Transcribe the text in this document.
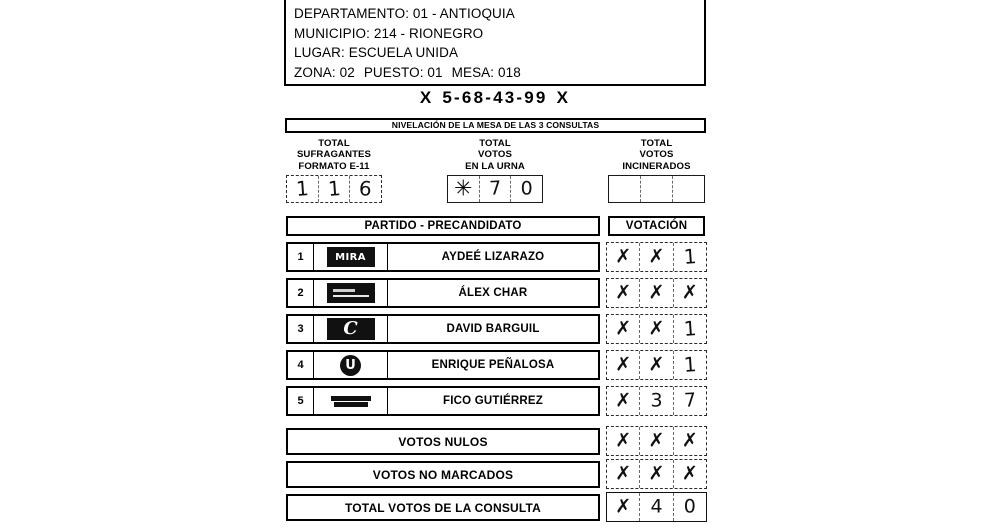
DEPARTAMENTO: 01 - ANTIOQUIA
MUNICIPIO: 214 - RIONEGRO
LUGAR: ESCUELA UNIDA
ZONA: 02 PUESTO: 01 MESA: 018
X 5-68-43-99 X
NIVELACIÓN DE LA MESA DE LAS 3 CONSULTAS
TOTAL
SUFRAGANTES
FORMATO E-11
1 1 6
TOTAL
VOTOS
EN LA URNA
✳ 7	0
TOTAL
VOTOS
INCINERADOS
PARTIDO - PRECANDIDATO	VOTACIÓN
1	MIRA	AYDEÉ LIZARAZO	✗ ✗ 1
2	ÁLEX CHAR	✗ ✗ ✗
3	C	DAVID BARGUIL	✗ ✗ 1
4	U	ENRIQUE PEÑALOSA	✗ ✗ 1
5	FICO GUTIÉRREZ	✗	3	7
VOTOS NULOS	✗ ✗ ✗
VOTOS NO MARCADOS	✗ ✗ ✗
TOTAL VOTOS DE LA CONSULTA	✗	4	0
